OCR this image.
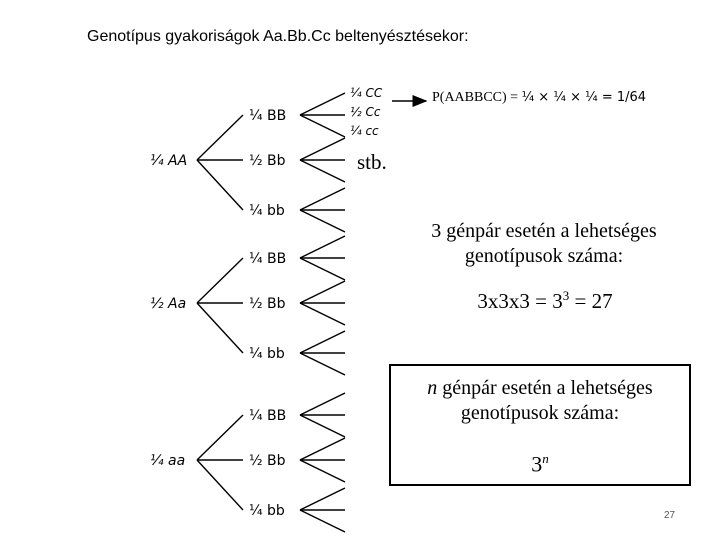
Genotípus gyakoriságok Aa.Bb.Cc beltenyésztésekor:
¼ AA
¼ BB
½ Bb
¼ bb
½ Aa
¼ BB
½ Bb
¼ bb
¼ aa
¼ BB
½ Bb
¼ bb
¼ CC
½ Cc
¼ cc
P(AABBCC) = ¼ × ¼ × ¼ = 1/64
stb.
3 génpár esetén a lehetséges genotípusok száma:
$3x3x3 = 3^3 = 27$
n génpár esetén a lehetséges genotípusok száma:
3$^n$
27
